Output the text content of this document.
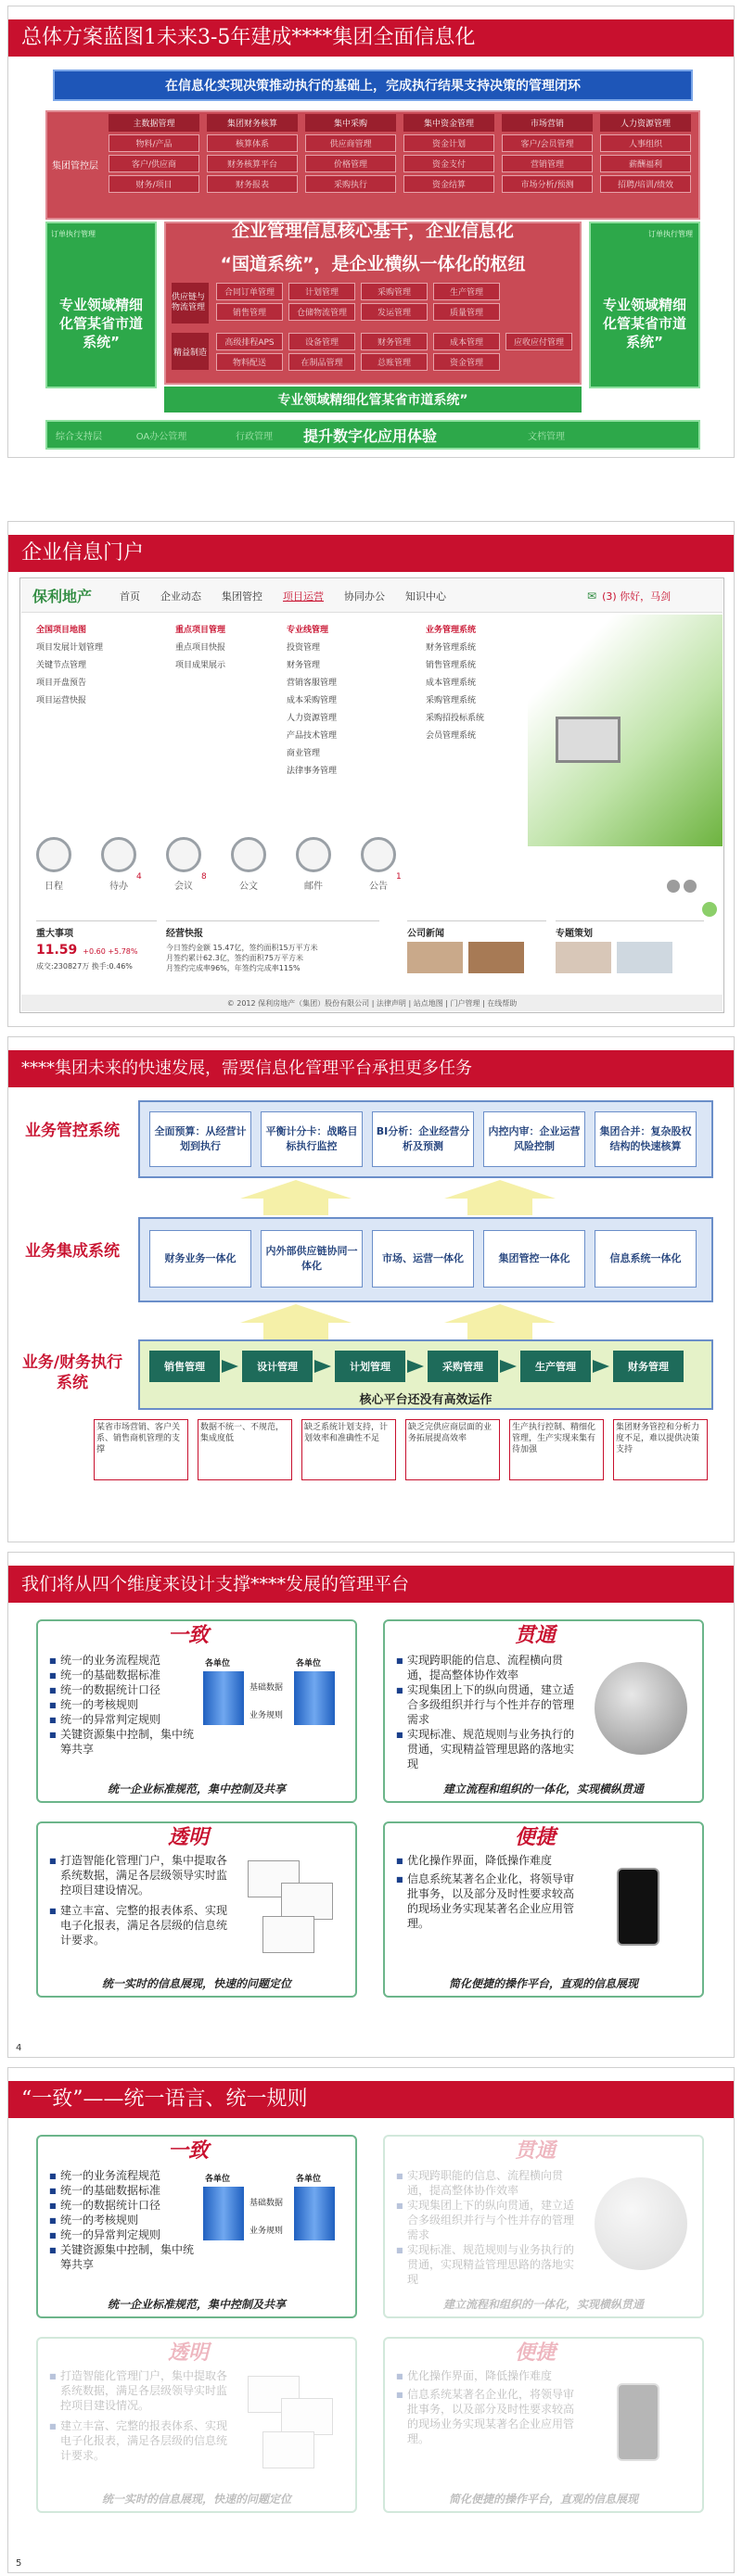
总体方案蓝图1未来3-5年建成****集团全面信息化
在信息化实现决策推动执行的基础上，完成执行结果支持决策的管理闭环
集团管控层
主数据管理
物料/产品
客户/供应商
财务/项目
集团财务核算
核算体系
财务核算平台
财务报表
集中采购
供应商管理
价格管理
采购执行
集中资金管理
资金计划
资金支付
资金结算
市场营销
客户/会员管理
营销管理
市场分析/预测
人力资源管理
人事组织
薪酬福利
招聘/培训/绩效
订单执行管理	订单执行管理
专业领域精细化管某省市道系统”
专业领域精细化管某省市道系统”
企业管理信息核心基干，企业信息化
“国道系统”，是企业横纵一体化的枢纽
供应链与物流管理
合同订单管理	计划管理	采购管理	生产管理
销售管理	仓储物流管理	发运管理	质量管理
高级排程APS	设备管理	财务管理	成本管理	应收应付管理
物料配送	在制品管理	总账管理	资金管理
精益制造
专业领域精细化管某省市道系统”
综合支持层	OA办公管理	行政管理	文档管理
提升数字化应用体验
企业信息门户
保利地产	首页 企业动态 集团管控 项目运营 协同办公 知识中心	✉ (3) 你好，马剑
全国项目地图
项目发展计划管理
关键节点管理
项目开盘预告
项目运营快报
重点项目管理
重点项目快报
项目成果展示
专业线管理
投资管理
财务管理
营销客服管理
成本采购管理
人力资源管理
产品技术管理
商业管理
法律事务管理
业务管理系统
财务管理系统
销售管理系统
成本管理系统
采购管理系统
采购招投标系统
会员管理系统
日程	待办
4
会议
8
公文	邮件	公告
1
重大事项
11.59 +0.60 +5.78%
成交:230827万 换手:0.46%
经营快报
今日签约金额 15.47亿，签约面积15万平方米
月签约累计62.3亿，签约面积75万平方米
月签约完成率96%，年签约完成率115%
公司新闻	专题策划
© 2012 保利房地产（集团）股份有限公司 | 法律声明 | 站点地图 | 门户管理 | 在线帮助
****集团未来的快速发展，需要信息化管理平台承担更多任务
业务管控系统
业务集成系统
业务/财务执行系统
全面预算：从经营计划到执行
平衡计分卡：战略目标执行监控
BI分析：企业经营分析及预测
内控内审：企业运营风险控制
集团合并：复杂股权结构的快速核算
财务业务一体化
内外部供应链协同一体化
市场、运营一体化	集团管控一体化	信息系统一体化
销售管理	设计管理	计划管理	采购管理	生产管理	财务管理
核心平台还没有高效运作
某省市场营销、客户关系、销售商机管理的支撑
数据不统一、不规范，集成度低
缺乏系统计划支持，计划效率和准确性不足
缺乏完供应商层面的业务拓展提高效率
生产执行控制、精细化管理，生产实现来集有待加强
集团财务管控和分析力度不足，难以提供决策支持
我们将从四个维度来设计支撑****发展的管理平台
一致
■ 统一的业务流程规范
■ 统一的基础数据标准
■ 统一的数据统计口径
■ 统一的考核规则
■ 统一的异常判定规则
■ 关键资源集中控制，集中统筹共享
各单位	各单位
基础数据
业务规则
统一企业标准规范，集中控制及共享
贯通
■ 实现跨职能的信息、流程横向贯通，提高整体协作效率
■ 实现集团上下的纵向贯通，建立适合多级组织并行与个性并存的管理需求
■ 实现标准、规范规则与业务执行的贯通，实现精益管理思路的落地实现
建立流程和组织的一体化，实现横纵贯通
透明
■ 打造智能化管理门户，集中提取各系统数据，满足各层级领导实时监控项目建设情况。
■ 建立丰富、完整的报表体系、实现电子化报表，满足各层级的信息统计要求。
统一实时的信息展现，快速的问题定位
便捷
■ 优化操作界面，降低操作难度
■ 信息系统某著名企业化，将领导审批事务，以及部分及时性要求较高的现场业务实现某著名企业应用管理。
简化便捷的操作平台，直观的信息展现
4
“一致”——统一语言、统一规则
一致
■ 统一的业务流程规范
■ 统一的基础数据标准
■ 统一的数据统计口径
■ 统一的考核规则
■ 统一的异常判定规则
■ 关键资源集中控制，集中统筹共享
各单位	各单位
基础数据
业务规则
统一企业标准规范，集中控制及共享
贯通
■ 实现跨职能的信息、流程横向贯通，提高整体协作效率
■ 实现集团上下的纵向贯通，建立适合多级组织并行与个性并存的管理需求
■ 实现标准、规范规则与业务执行的贯通，实现精益管理思路的落地实现
建立流程和组织的一体化，实现横纵贯通
透明
■ 打造智能化管理门户，集中提取各系统数据，满足各层级领导实时监控项目建设情况。
■ 建立丰富、完整的报表体系、实现电子化报表，满足各层级的信息统计要求。
统一实时的信息展现，快速的问题定位
便捷
■ 优化操作界面，降低操作难度
■ 信息系统某著名企业化，将领导审批事务，以及部分及时性要求较高的现场业务实现某著名企业应用管理。
简化便捷的操作平台，直观的信息展现
5
